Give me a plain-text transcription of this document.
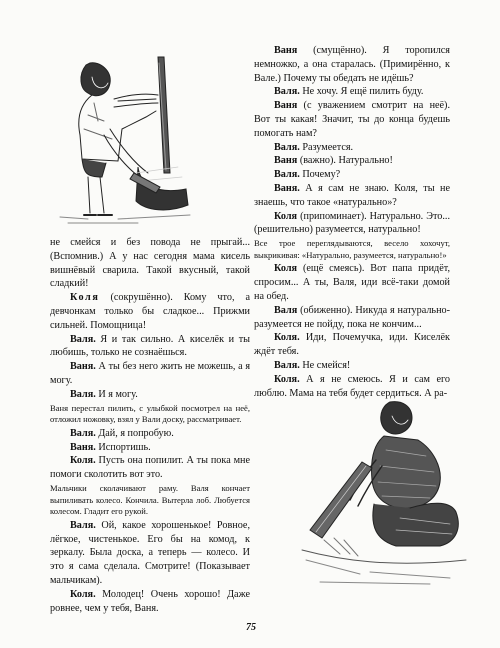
не смейся и без повода не прыгай... (Вспомнив.) А у нас сегодня мама кисель вишнёвый сварила. Такой вкусный, такой сладкий!

Коля (сокрушённо). Кому что, а девчонкам только бы сладкое... Прижми сильней. Помощница!

Валя. Я и так сильно. А киселёк и ты любишь, только не сознаёшься.

Ваня. А ты без него жить не можешь, а я могу.

Валя. И я могу.

Ваня перестал пилить, с улыбкой посмотрел на неё, отложил ножовку, взял у Вали доску, рассматривает.

Валя. Дай, я попробую.

Ваня. Испортишь.

Коля. Пусть она попилит. А ты пока мне помоги сколотить вот это.

Мальчики сколачивают раму. Валя кончает выпиливать колесо. Кончила. Вытерла лоб. Любуется колесом. Гладит его рукой.

Валя. Ой, какое хорошенькое! Ровное, лёгкое, чистенькое. Его бы на комод, к зеркалу. Была доска, а теперь — колесо. И это я сама сделала. Смотрите! (Показывает мальчикам).

Коля. Молодец! Очень хорошо! Даже ровнее, чем у тебя, Ваня.

Ваня (смущённо). Я торопился немножко, а она старалась. (Примирённо, к Вале.) Почему ты обедать не идёшь?

Валя. Не хочу. Я ещё пилить буду.

Ваня (с уважением смотрит на неё). Вот ты какая! Значит, ты до конца будешь помогать нам?

Валя. Разумеется.

Ваня (важно). Натурально!

Валя. Почему?

Ваня. А я сам не знаю. Коля, ты не знаешь, что такое «натурально»?

Коля (припоминает). Натурально. Это... (решительно) разумеется, натурально!

Все трое переглядываются, весело хохочут, выкрикивая: «Натурально, разумеется, натурально!»

Коля (ещё смеясь). Вот папа придёт, спросим... А ты, Валя, иди всё-таки домой на обед.

Валя (обиженно). Никуда я натурально-разумеется не пойду, пока не кончим...

Коля. Иди, Почемучка, иди. Киселёк ждёт тебя.

Валя. Не смейся!

Коля. А я не смеюсь. Я и сам его люблю. Мама на тебя будет сердиться. А ра-

75
